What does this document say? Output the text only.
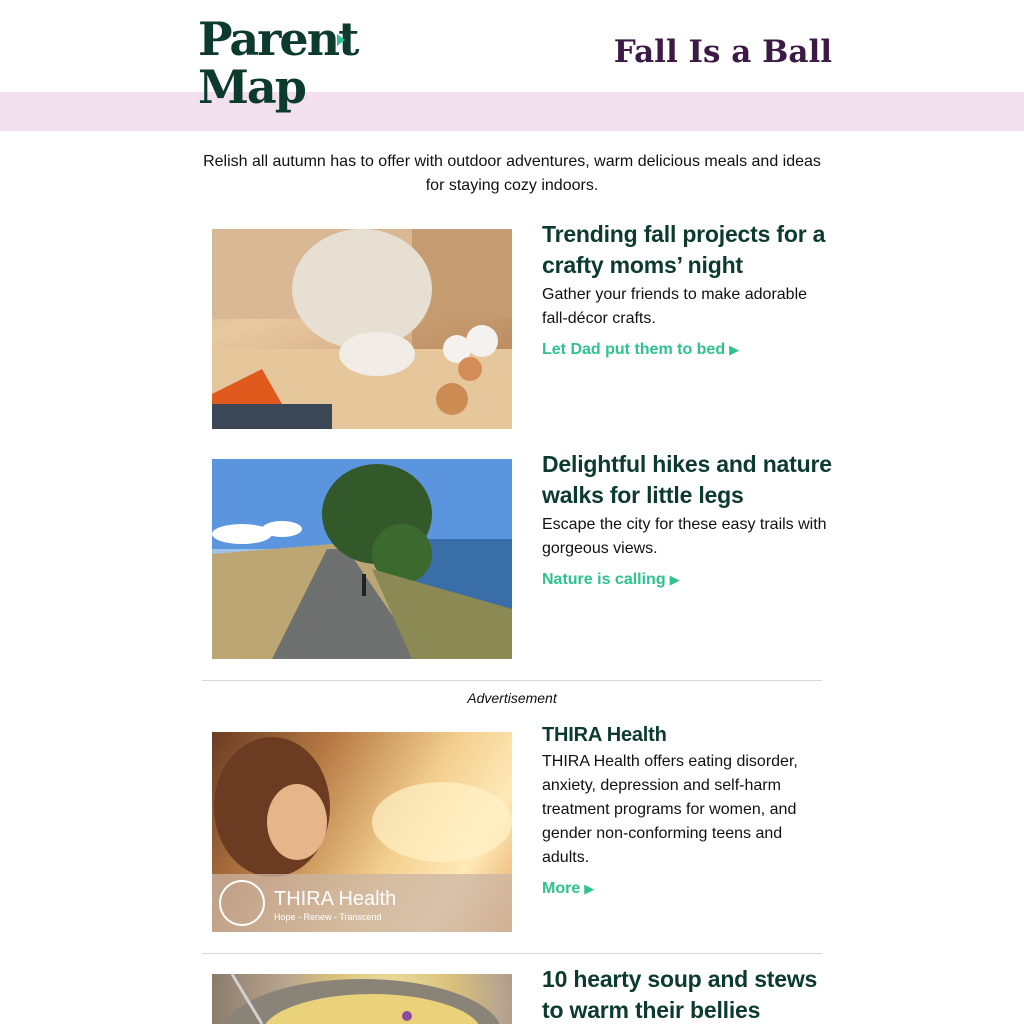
Parent
Map
Fall Is a Ball
Relish all autumn has to offer with outdoor adventures, warm delicious meals and ideas for staying cozy indoors.
Trending fall projects for a crafty moms’ night

Gather your friends to make adorable fall-décor crafts.

Let Dad put them to bed ▶
Delightful hikes and nature walks for little legs

Escape the city for these easy trails with gorgeous views.

Nature is calling ▶
Advertisement
THIRA Health
Hope - Renew - Transcend
THIRA Health

THIRA Health offers eating disorder, anxiety, depression and self-harm treatment programs for women, and gender non-conforming teens and adults.

More ▶
10 hearty soup and stews to warm their bellies
